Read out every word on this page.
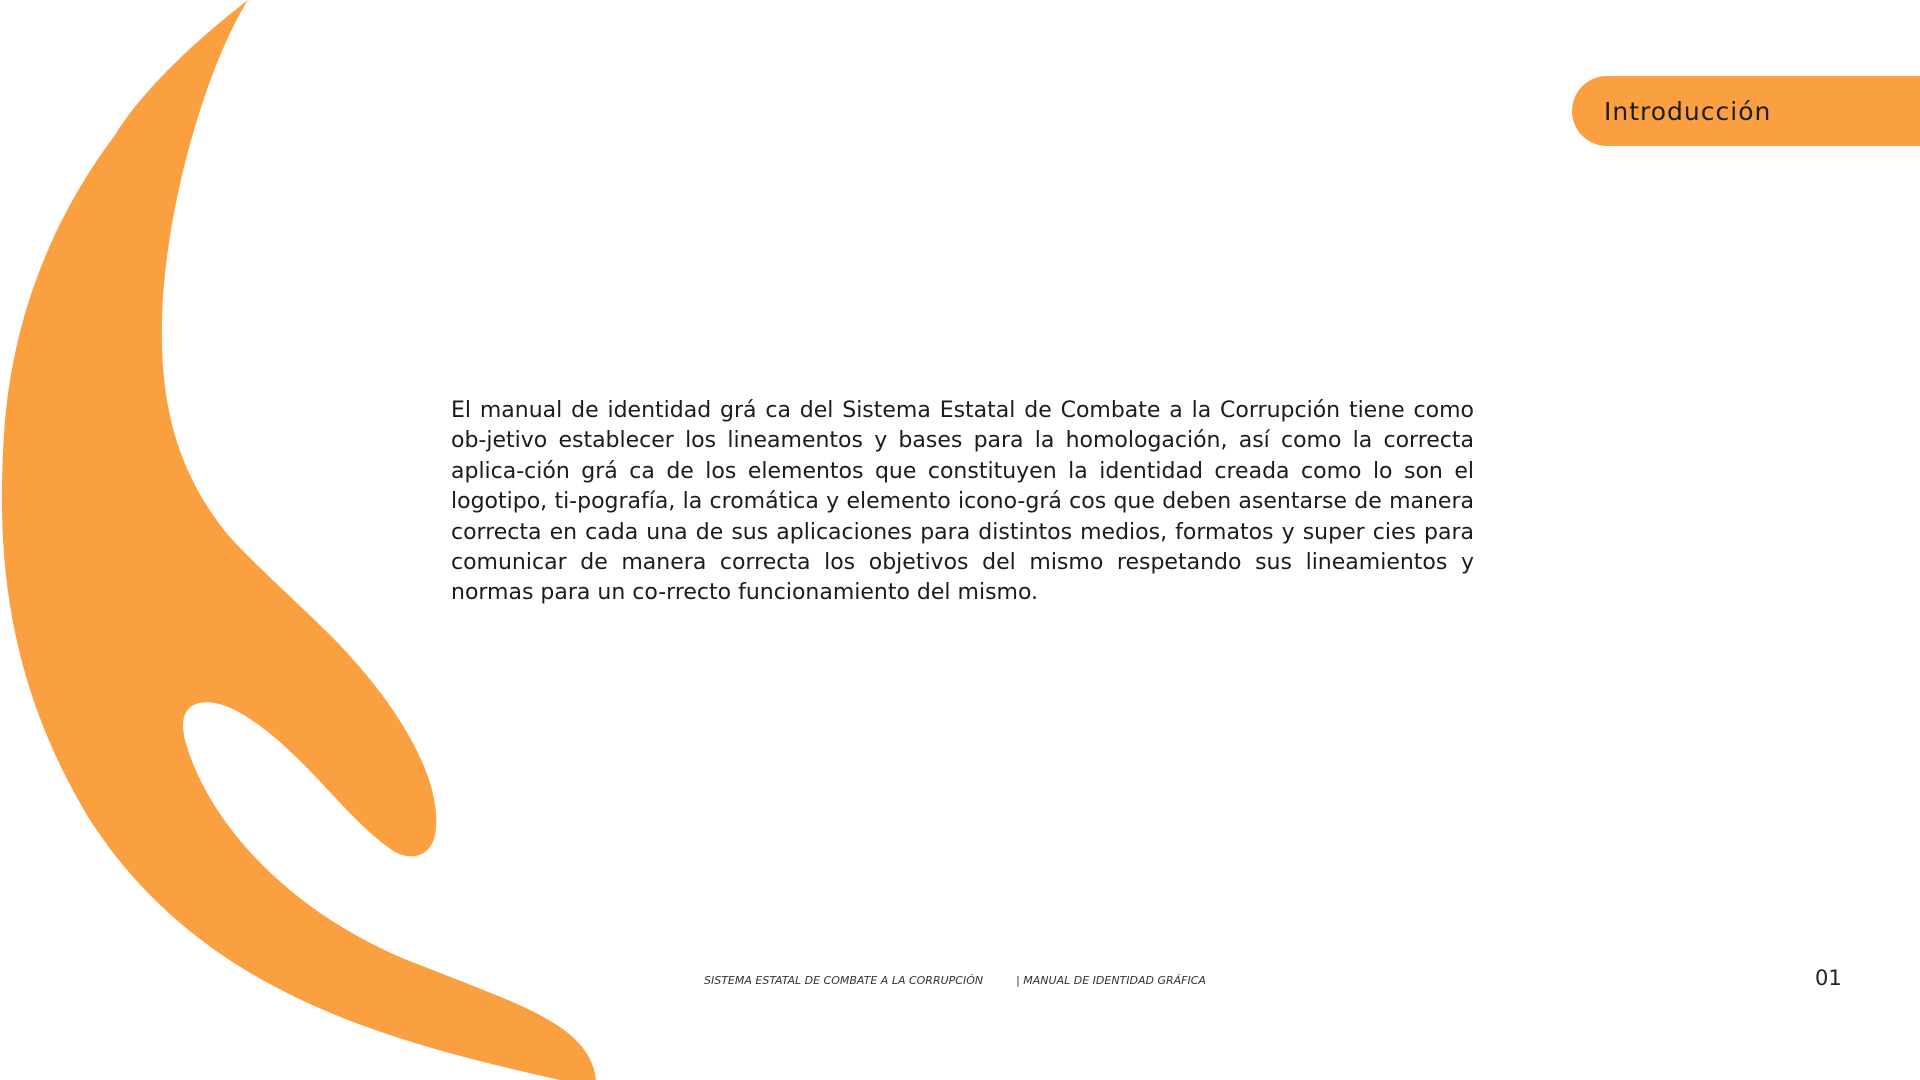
Introducción

El manual de identidad grá ca del Sistema Estatal de Combate a la Corrupción tiene como ob-jetivo establecer los lineamentos y bases para la homologación, así como la correcta aplica-ción grá ca de los elementos que constituyen la identidad creada como lo son el logotipo, ti-pografía, la cromática y elemento icono-grá cos que deben asentarse de manera correcta en cada una de sus aplicaciones para distintos medios, formatos y super cies para comunicar de manera correcta los objetivos del mismo respetando sus lineamientos y normas para un co-rrecto funcionamiento del mismo.

SISTEMA ESTATAL DE COMBATE A LA CORRUPCIÓN	| MANUAL DE IDENTIDAD GRÁFICA	01
